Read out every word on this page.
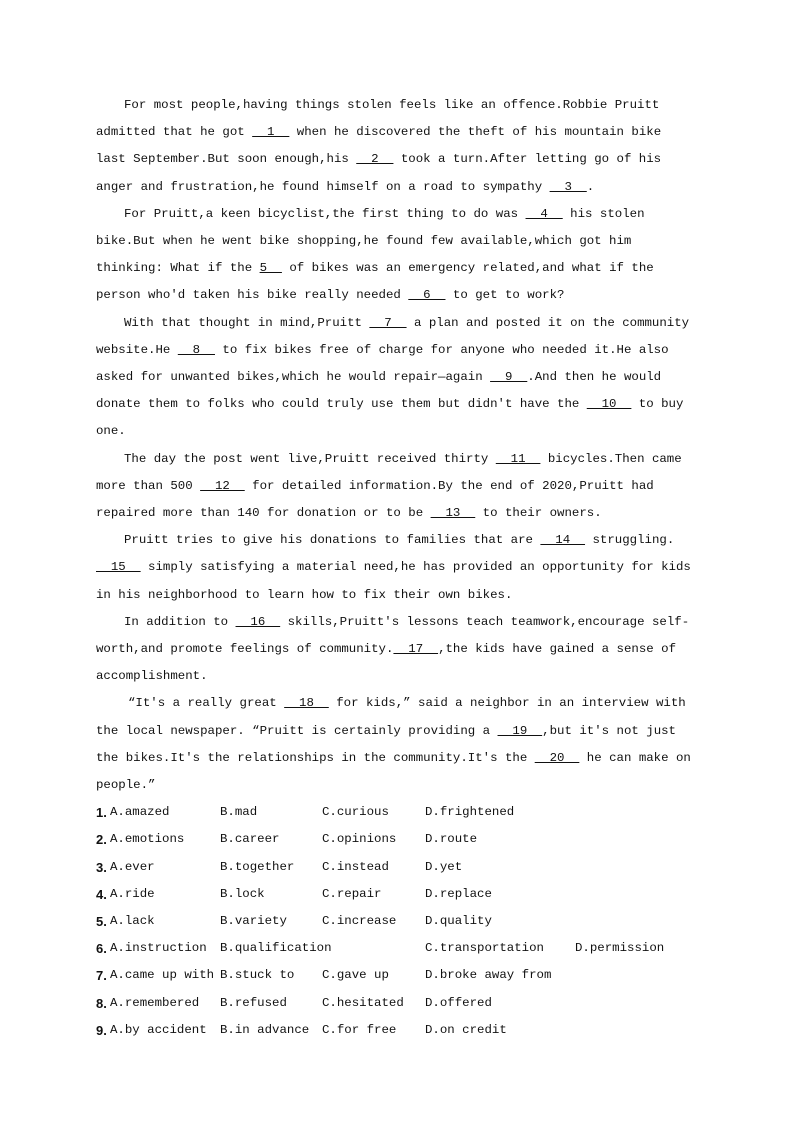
For most people,having things stolen feels like an offence.Robbie Pruitt admitted that he got   1   when he discovered the theft of his mountain bike last September.But soon enough,his   2   took a turn.After letting go of his anger and frustration,he found himself on a road to sympathy   3  .

For Pruitt,a keen bicyclist,the first thing to do was   4   his stolen bike.But when he went bike shopping,he found few available,which got him thinking: What if the 5   of bikes was an emergency related,and what if the person who'd taken his bike really needed   6   to get to work?

With that thought in mind,Pruitt   7   a plan and posted it on the community website.He   8   to fix bikes free of charge for anyone who needed it.He also asked for unwanted bikes,which he would repair—again   9  .And then he would donate them to folks who could truly use them but didn't have the   10   to buy one.

The day the post went live,Pruitt received thirty   11   bicycles.Then came more than 500   12   for detailed information.By the end of 2020,Pruitt had repaired more than 140 for donation or to be   13   to their owners.

Pruitt tries to give his donations to families that are   14   struggling.   15   simply satisfying a material need,he has provided an opportunity for kids in his neighborhood to learn how to fix their own bikes.

In addition to   16   skills,Pruitt's lessons teach teamwork,encourage self-worth,and promote feelings of community.  17  ,the kids have gained a sense of accomplishment.

“It's a really great   18   for kids,” said a neighbor in an interview with the local newspaper. “Pruitt is certainly providing a   19  ,but it's not just the bikes.It's the relationships in the community.It's the   20   he can make on people.”

1. A.amazed	B.mad	C.curious	D.frightened
2. A.emotions	B.career	C.opinions	D.route
3. A.ever	B.together	C.instead	D.yet
4. A.ride	B.lock	C.repair	D.replace
5. A.lack	B.variety	C.increase	D.quality
6. A.instruction	B.qualification	C.transportation	D.permission
7. A.came up with B.stuck to	C.gave up	D.broke away from
8. A.remembered	B.refused	C.hesitated	D.offered
9. A.by accident	B.in advance	C.for free	D.on credit
